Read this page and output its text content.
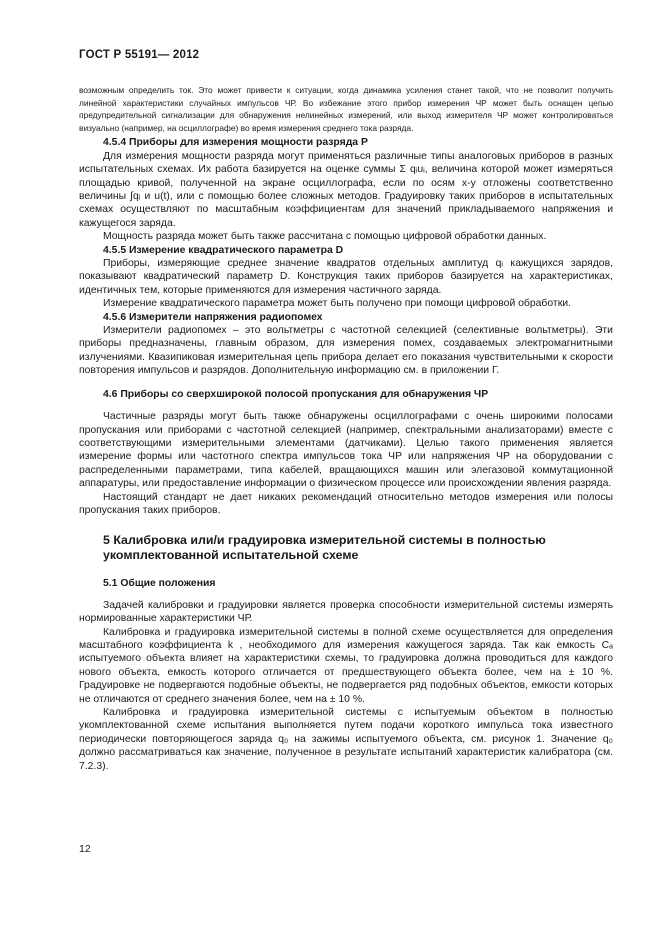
ГОСТ Р 55191— 2012

возможным определить ток. Это может привести к ситуации, когда динамика усиления станет такой, что не позволит получить линейной характеристики случайных импульсов ЧР. Во избежание этого прибор измерения ЧР может быть оснащен цепью предупредительной сигнализации для обнаружения нелинейных измерений, или выход измерителя ЧР может контролироваться визуально (например, на осциллографе) во время измерения среднего тока разряда.

4.5.4 Приборы для измерения мощности разряда P

Для измерения мощности разряда могут применяться различные типы аналоговых приборов в разных испытательных схемах. Их работа базируется на оценке суммы Σ qᵢuᵢ, величина которой может измеряться площадью кривой, полученной на экране осциллографа, если по осям x-y отложены соответственно величины ∫qᵢ и u(t), или с помощью более сложных методов. Градуировку таких приборов в испытательных схемах осуществляют по масштабным коэффициентам для значений прикладываемого напряжения и кажущегося заряда.

Мощность разряда может быть также рассчитана с помощью цифровой обработки данных.

4.5.5 Измерение квадратического параметра D

Приборы, измеряющие среднее значение квадратов отдельных амплитуд qᵢ кажущихся зарядов, показывают квадратический параметр D. Конструкция таких приборов базируется на характеристиках, идентичных тем, которые применяются для измерения частичного заряда.

Измерение квадратического параметра может быть получено при помощи цифровой обработки.

4.5.6 Измерители напряжения радиопомех

Измерители радиопомех – это вольтметры с частотной селекцией (селективные вольтметры). Эти приборы предназначены, главным образом, для измерения помех, создаваемых электромагнитными излучениями. Квазипиковая измерительная цепь прибора делает его показания чувствительными к скорости повторения импульсов и разрядов. Дополнительную информацию см. в приложении Г.

4.6 Приборы со сверхширокой полосой пропускания для обнаружения ЧР

Частичные разряды могут быть также обнаружены осциллографами с очень широкими полосами пропускания или приборами с частотной селекцией (например, спектральными анализаторами) вместе с соответствующими измерительными элементами (датчиками). Целью такого применения является измерение формы или частотного спектра импульсов тока ЧР или напряжения ЧР на оборудовании с распределенными параметрами, типа кабелей, вращающихся машин или элегазовой коммутационной аппаратуры, или предоставление информации о физическом процессе или происхождении явления разряда.

Настоящий стандарт не дает никаких рекомендаций относительно методов измерения или полосы пропускания таких приборов.

5 Калибровка или/и градуировка измерительной системы в полностью укомплектованной испытательной схеме
5.1 Общие положения

Задачей калибровки и градуировки является проверка способности измерительной системы измерять нормированные характеристики ЧР.

Калибровка и градуировка измерительной системы в полной схеме осуществляется для определения масштабного коэффициента k , необходимого для измерения кажущегося заряда. Так как емкость Cₐ испытуемого объекта влияет на характеристики схемы, то градуировка должна проводиться для каждого нового объекта, емкость которого отличается от предшествующего объекта более, чем на ± 10 %. Градуировке не подвергаются подобные объекты, не подвергается ряд подобных объектов, емкости которых не отличаются от среднего значения более, чем на ± 10 %.

Калибровка и градуировка измерительной системы с испытуемым объектом в полностью укомплектованной схеме испытания выполняется путем подачи короткого импульса тока известного периодически повторяющегося заряда q₀ на зажимы испытуемого объекта, см. рисунок 1. Значение q₀ должно рассматриваться как значение, полученное в результате испытаний характеристик калибратора (см. 7.2.3).

12
